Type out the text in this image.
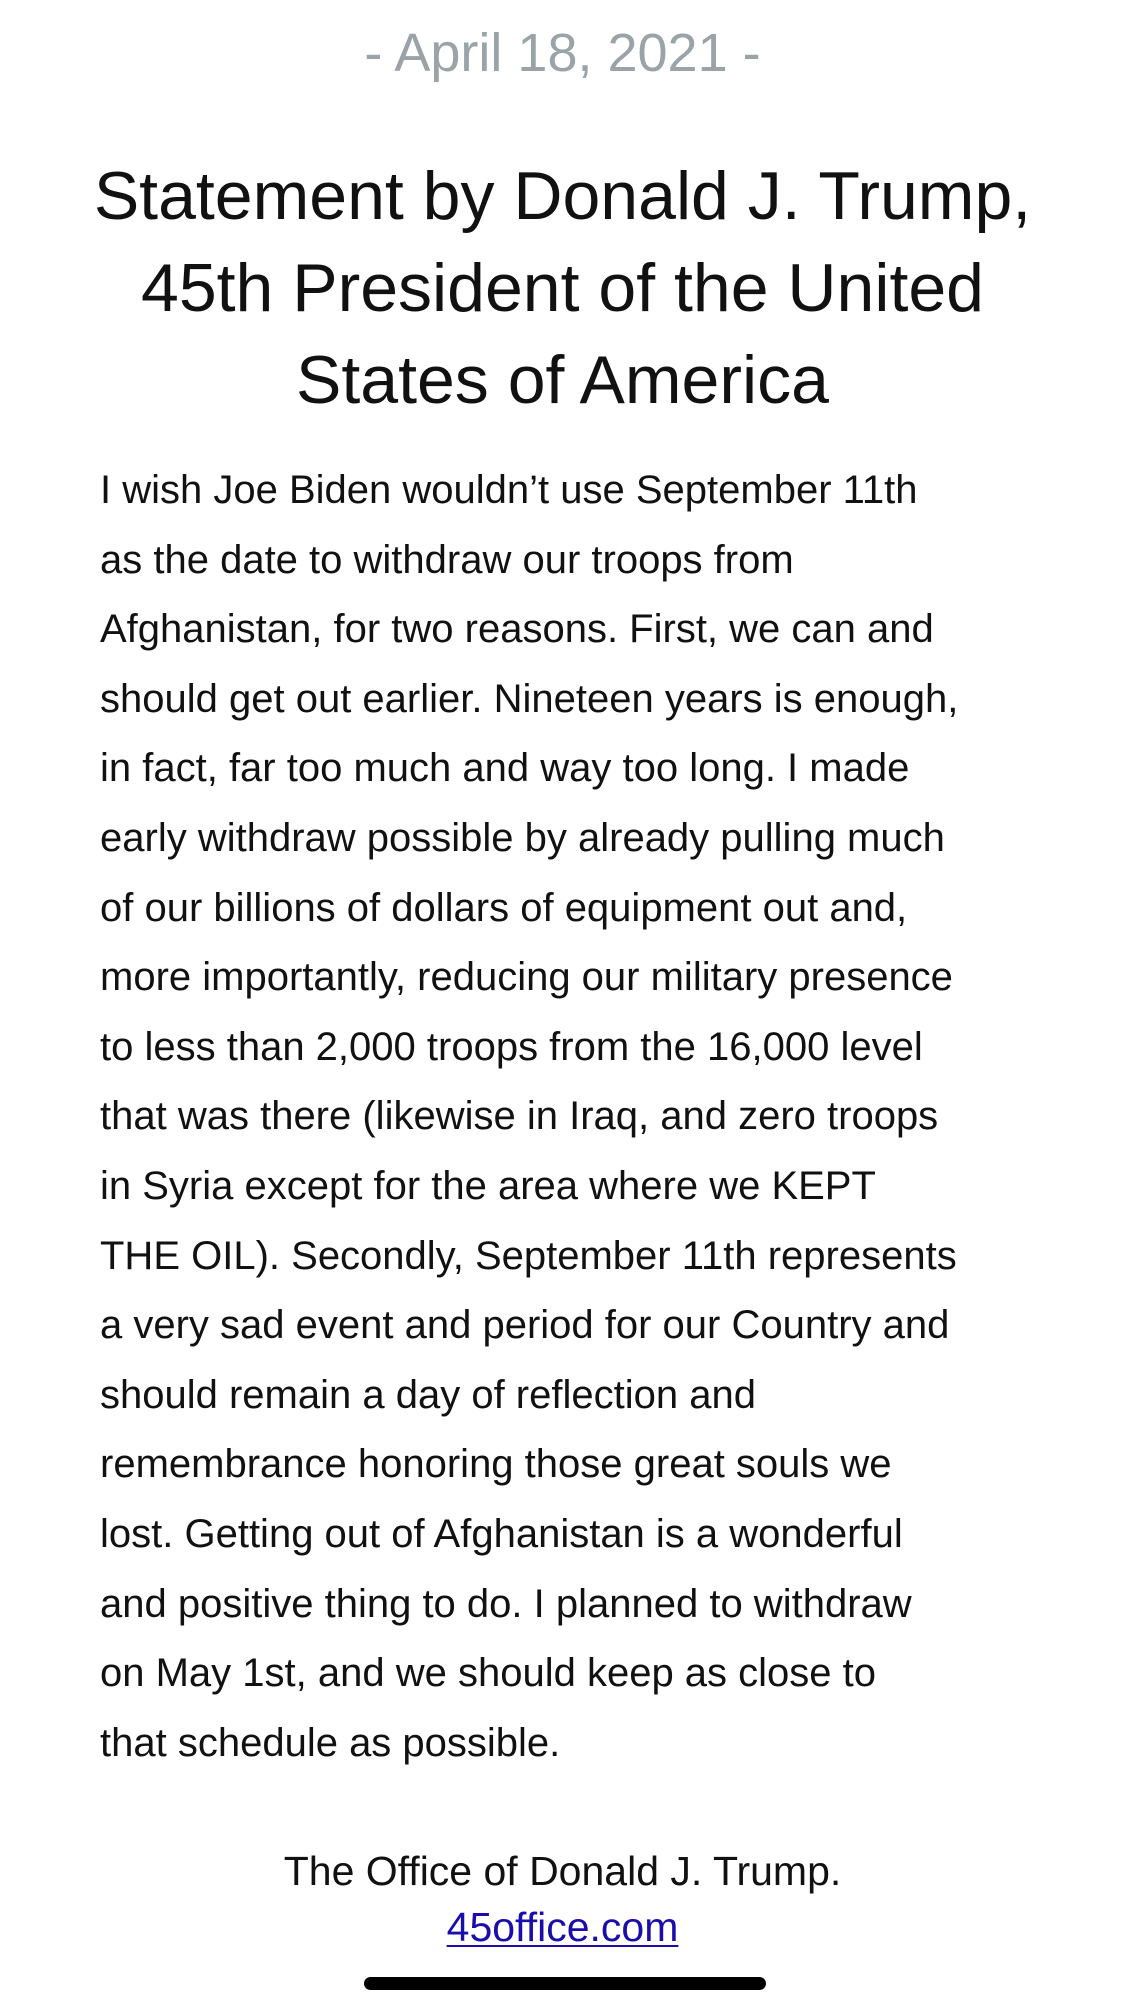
- April 18, 2021 -
Statement by Donald J. Trump, 45th President of the United States of America
I wish Joe Biden wouldn’t use September 11th
as the date to withdraw our troops from
Afghanistan, for two reasons. First, we can and
should get out earlier. Nineteen years is enough,
in fact, far too much and way too long. I made
early withdraw possible by already pulling much
of our billions of dollars of equipment out and,
more importantly, reducing our military presence
to less than 2,000 troops from the 16,000 level
that was there (likewise in Iraq, and zero troops
in Syria except for the area where we KEPT
THE OIL). Secondly, September 11th represents
a very sad event and period for our Country and
should remain a day of reflection and
remembrance honoring those great souls we
lost. Getting out of Afghanistan is a wonderful
and positive thing to do. I planned to withdraw
on May 1st, and we should keep as close to
that schedule as possible.
The Office of Donald J. Trump.
45office.com
